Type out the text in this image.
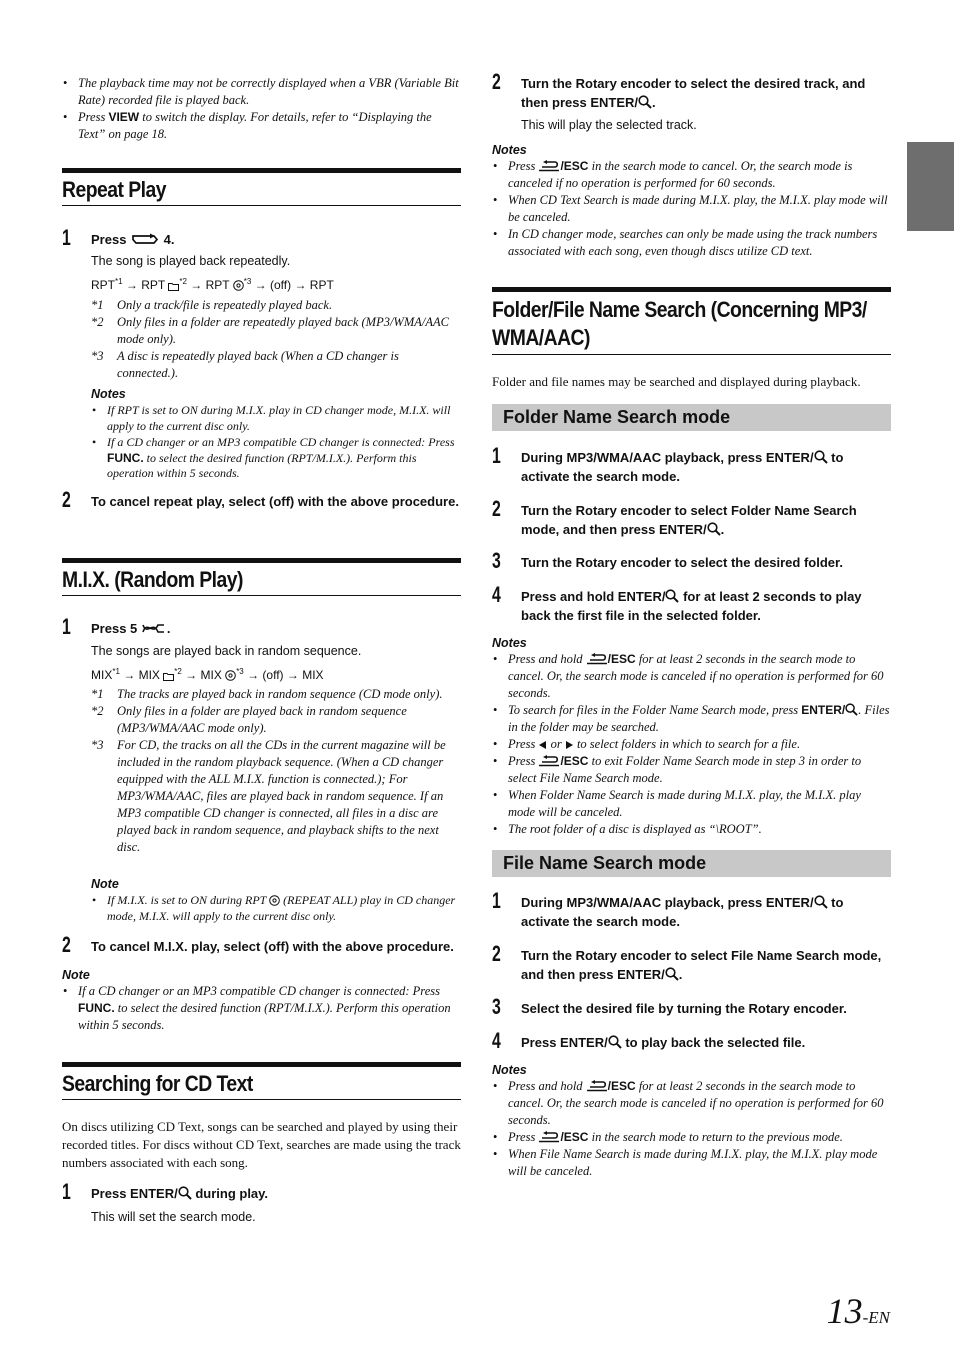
• The playback time may not be correctly displayed when a VBR (Variable Bit Rate) recorded file is played back.
• Press VIEW to switch the display. For details, refer to “Displaying the Text” on page 18.
Repeat Play
1 Press	4.
The song is played back repeatedly.
$RPT^{*1}$ → RPT $^{*2}$ → RPT $^{*3}$ → (off) → RPT
*1 Only a track/file is repeatedly played back.
*2 Only files in a folder are repeatedly played back (MP3/WMA/AAC mode only).
*3 A disc is repeatedly played back (When a CD changer is connected.).
Notes
• If RPT is set to ON during M.I.X. play in CD changer mode, M.I.X. will apply to the current disc only.
• If a CD changer or an MP3 compatible CD changer is connected: Press FUNC. to select the desired function (RPT/M.I.X.). Perform this operation within 5 seconds.
2 To cancel repeat play, select (off) with the above procedure.
M.I.X. (Random Play)
1 Press 5 .
The songs are played back in random sequence.
$MIX^{*1}$ → MIX $^{*2}$ → MIX $^{*3}$ → (off) → MIX
*1 The tracks are played back in random sequence (CD mode only).
*2 Only files in a folder are played back in random sequence (MP3/WMA/AAC mode only).
*3 For CD, the tracks on all the CDs in the current magazine will be included in the random playback sequence. (When a CD changer equipped with the ALL M.I.X. function is connected.); For MP3/WMA/AAC, files are played back in random sequence. If an MP3 compatible CD changer is connected, all files in a disc are played back in random sequence, and playback shifts to the next disc.
Note
• If M.I.X. is set to ON during RPT  (REPEAT ALL) play in CD changer mode, M.I.X. will apply to the current disc only.
2 To cancel M.I.X. play, select (off) with the above procedure.
Note
• If a CD changer or an MP3 compatible CD changer is connected: Press FUNC. to select the desired function (RPT/M.I.X.). Perform this operation within 5 seconds.
Searching for CD Text
On discs utilizing CD Text, songs can be searched and played by using their recorded titles. For discs without CD Text, searches are made using the track numbers associated with each song.
1 Press ENTER/ during play.
This will set the search mode.
2 Turn the Rotary encoder to select the desired track, and then press ENTER/ .
This will play the selected track.
Notes
• Press /ESC in the search mode to cancel. Or, the search mode is canceled if no operation is performed for 60 seconds.
• When CD Text Search is made during M.I.X. play, the M.I.X. play mode will be canceled.
• In CD changer mode, searches can only be made using the track numbers associated with each song, even though discs utilize CD text.
Folder/File Name Search (Concerning MP3/
WMA/AAC)
Folder and file names may be searched and displayed during playback.
Folder Name Search mode
1 During MP3/WMA/AAC playback, press ENTER/ to activate the search mode.
2 Turn the Rotary encoder to select Folder Name Search mode, and then press ENTER/ .
3 Turn the Rotary encoder to select the desired folder.
4 Press and hold ENTER/ for at least 2 seconds to play back the first file in the selected folder.
Notes
• Press and hold /ESC for at least 2 seconds in the search mode to cancel. Or, the search mode is canceled if no operation is performed for 60 seconds.
• To search for files in the Folder Name Search mode, press ENTER/ . Files in the folder may be searched.
• Press  or  to select folders in which to search for a file.
• Press /ESC to exit Folder Name Search mode in step 3 in order to select File Name Search mode.
• When Folder Name Search is made during M.I.X. play, the M.I.X. play mode will be canceled.
• The root folder of a disc is displayed as “\ROOT”.
File Name Search mode
1 During MP3/WMA/AAC playback, press ENTER/ to activate the search mode.
2 Turn the Rotary encoder to select File Name Search mode, and then press ENTER/ .
3 Select the desired file by turning the Rotary encoder.
4 Press ENTER/ to play back the selected file.
Notes
• Press and hold /ESC for at least 2 seconds in the search mode to cancel. Or, the search mode is canceled if no operation is performed for 60 seconds.
• Press /ESC in the search mode to return to the previous mode.
• When File Name Search is made during M.I.X. play, the M.I.X. play mode will be canceled.
13-EN
